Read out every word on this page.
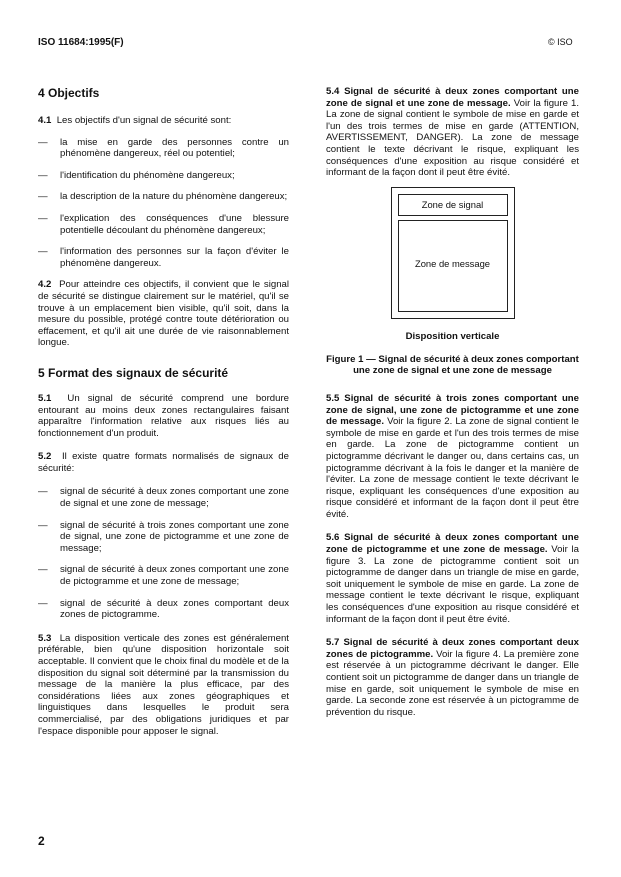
ISO 11684:1995(F)	© ISO

4 Objectifs

4.1 Les objectifs d'un signal de sécurité sont:

— la mise en garde des personnes contre un phénomène dangereux, réel ou potentiel;

— l'identification du phénomène dangereux;

— la description de la nature du phénomène dangereux;

— l'explication des conséquences d'une blessure potentielle découlant du phénomène dangereux;

— l'information des personnes sur la façon d'éviter le phénomène dangereux.

4.2 Pour atteindre ces objectifs, il convient que le signal de sécurité se distingue clairement sur le matériel, qu'il se trouve à un emplacement bien visible, qu'il soit, dans la mesure du possible, protégé contre toute détérioration ou effacement, et qu'il ait une durée de vie raisonnablement longue.

5 Format des signaux de sécurité

5.1 Un signal de sécurité comprend une bordure entourant au moins deux zones rectangulaires faisant apparaître l'information relative aux risques liés au fonctionnement d'un produit.

5.2 Il existe quatre formats normalisés de signaux de sécurité:

— signal de sécurité à deux zones comportant une zone de signal et une zone de message;

— signal de sécurité à trois zones comportant une zone de signal, une zone de pictogramme et une zone de message;

— signal de sécurité à deux zones comportant une zone de pictogramme et une zone de message;

— signal de sécurité à deux zones comportant deux zones de pictogramme.

5.3 La disposition verticale des zones est généralement préférable, bien qu'une disposition horizontale soit acceptable. Il convient que le choix final du modèle et de la disposition du signal soit déterminé par la transmission du message de la manière la plus efficace, par des considérations liées aux zones géographiques et linguistiques dans lesquelles le produit sera commercialisé, par des obligations juridiques et par l'espace disponible pour apposer le signal.

5.4 Signal de sécurité à deux zones comportant une zone de signal et une zone de message. Voir la figure 1. La zone de signal contient le symbole de mise en garde et l'un des trois termes de mise en garde (ATTENTION, AVERTISSEMENT, DANGER). La zone de message contient le texte décrivant le risque, expliquant les conséquences d'une exposition au risque considéré et informant de la façon dont il peut être évité.

Zone de signal
Zone de message

Disposition verticale

Figure 1 — Signal de sécurité à deux zones comportant une zone de signal et une zone de message

5.5 Signal de sécurité à trois zones comportant une zone de signal, une zone de pictogramme et une zone de message. Voir la figure 2. La zone de signal contient le symbole de mise en garde et l'un des trois termes de mise en garde. La zone de pictogramme contient un pictogramme décrivant le danger ou, dans certains cas, un pictogramme décrivant à la fois le danger et la manière de l'éviter. La zone de message contient le texte décrivant le risque, expliquant les conséquences d'une exposition au risque considéré et informant de la façon dont il peut être évité.

5.6 Signal de sécurité à deux zones comportant une zone de pictogramme et une zone de message. Voir la figure 3. La zone de pictogramme contient soit un pictogramme de danger dans un triangle de mise en garde, soit uniquement le symbole de mise en garde. La zone de message contient le texte décrivant le risque, expliquant les conséquences d'une exposition au risque considéré et informant de la façon dont il peut être évité.

5.7 Signal de sécurité à deux zones comportant deux zones de pictogramme. Voir la figure 4. La première zone est réservée à un pictogramme décrivant le danger. Elle contient soit un pictogramme de danger dans un triangle de mise en garde, soit uniquement le symbole de mise en garde. La seconde zone est réservée à un pictogramme de prévention du risque.

2
